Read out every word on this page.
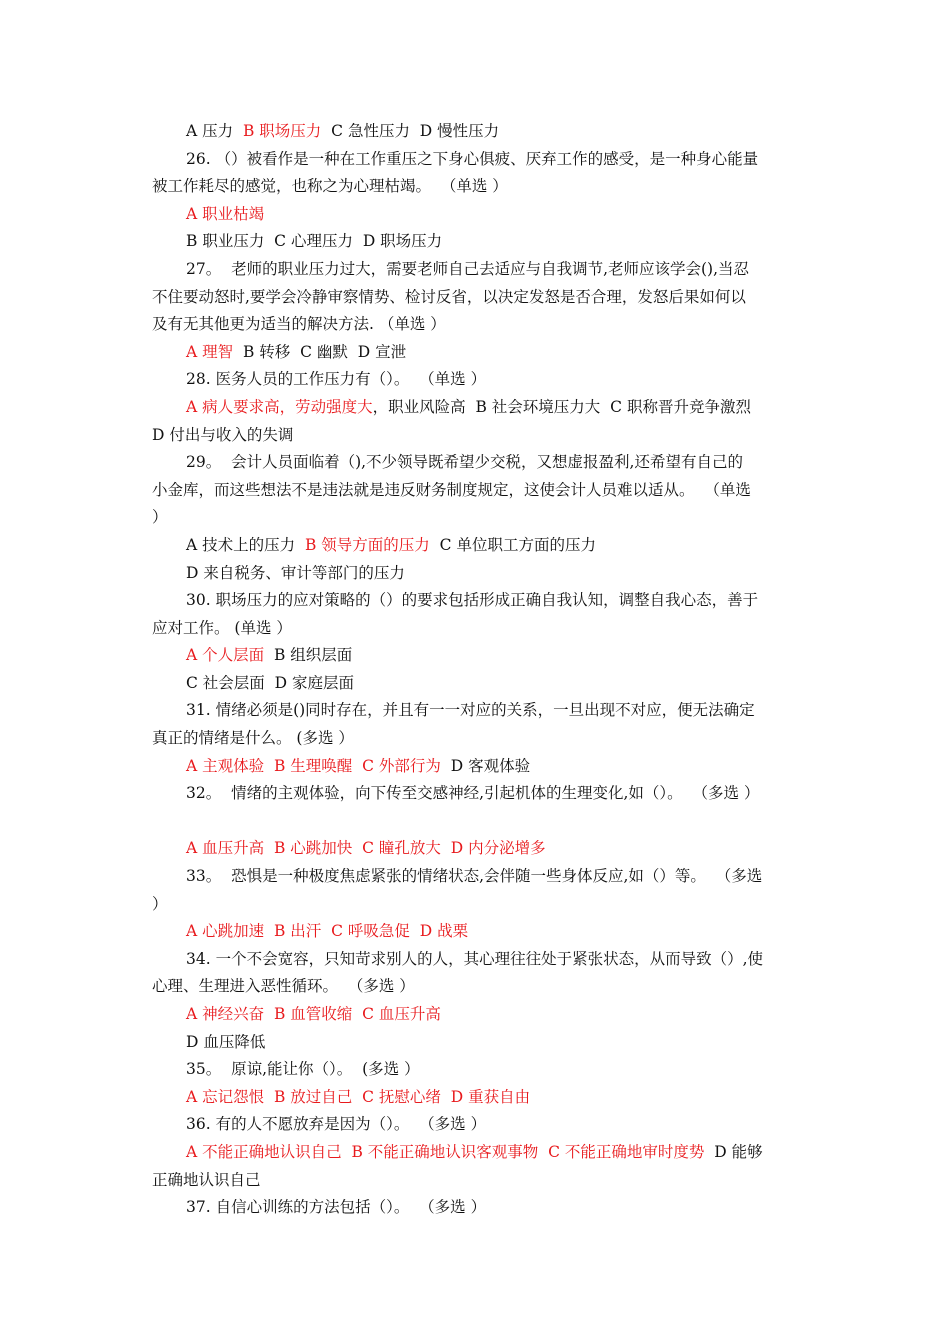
A 压力  B 职场压力  C 急性压力  D 慢性压力
26. （）被看作是一种在工作重压之下身心俱疲、厌弃工作的感受，是一种身心能量
被工作耗尽的感觉，也称之为心理枯竭。  （单选 ）
A 职业枯竭
B 职业压力  C 心理压力  D 职场压力
27。  老师的职业压力过大，需要老师自己去适应与自我调节,老师应该学会(),当忍
不住要动怒时,要学会冷静审察情势、检讨反省，以决定发怒是否合理，发怒后果如何以
及有无其他更为适当的解决方法. （单选 ）
A 理智  B 转移  C 幽默  D 宣泄
28. 医务人员的工作压力有（）。  （单选 ）
A 病人要求高，劳动强度大，职业风险高  B 社会环境压力大  C 职称晋升竞争激烈
D 付出与收入的失调
29。  会计人员面临着（),不少领导既希望少交税，又想虚报盈利,还希望有自己的
小金库，而这些想法不是违法就是违反财务制度规定，这使会计人员难以适从。  （单选
）
A 技术上的压力  B 领导方面的压力  C 单位职工方面的压力
D 来自税务、审计等部门的压力
30. 职场压力的应对策略的（）的要求包括形成正确自我认知，调整自我心态，善于
应对工作。 (单选 ）
A 个人层面  B 组织层面
C 社会层面  D 家庭层面
31. 情绪必须是()同时存在，并且有一一对应的关系，一旦出现不对应，便无法确定
真正的情绪是什么。 (多选 ）
A 主观体验  B 生理唤醒  C 外部行为  D 客观体验
32。  情绪的主观体验，向下传至交感神经,引起机体的生理变化,如（）。  （多选 ）
A 血压升高  B 心跳加快  C 瞳孔放大  D 内分泌增多
33。  恐惧是一种极度焦虑紧张的情绪状态,会伴随一些身体反应,如（）等。  （多选
）
A 心跳加速  B 出汗  C 呼吸急促  D 战栗
34. 一个不会宽容，只知苛求别人的人，其心理往往处于紧张状态，从而导致（）,使
心理、生理进入恶性循环。  （多选 ）
A 神经兴奋  B 血管收缩  C 血压升高
D 血压降低
35。  原谅,能让你（）。  (多选 ）
A 忘记怨恨  B 放过自己  C 抚慰心绪  D 重获自由
36. 有的人不愿放弃是因为（）。  （多选 ）
A 不能正确地认识自己  B 不能正确地认识客观事物  C 不能正确地审时度势  D 能够
正确地认识自己
37. 自信心训练的方法包括（）。  （多选 ）
